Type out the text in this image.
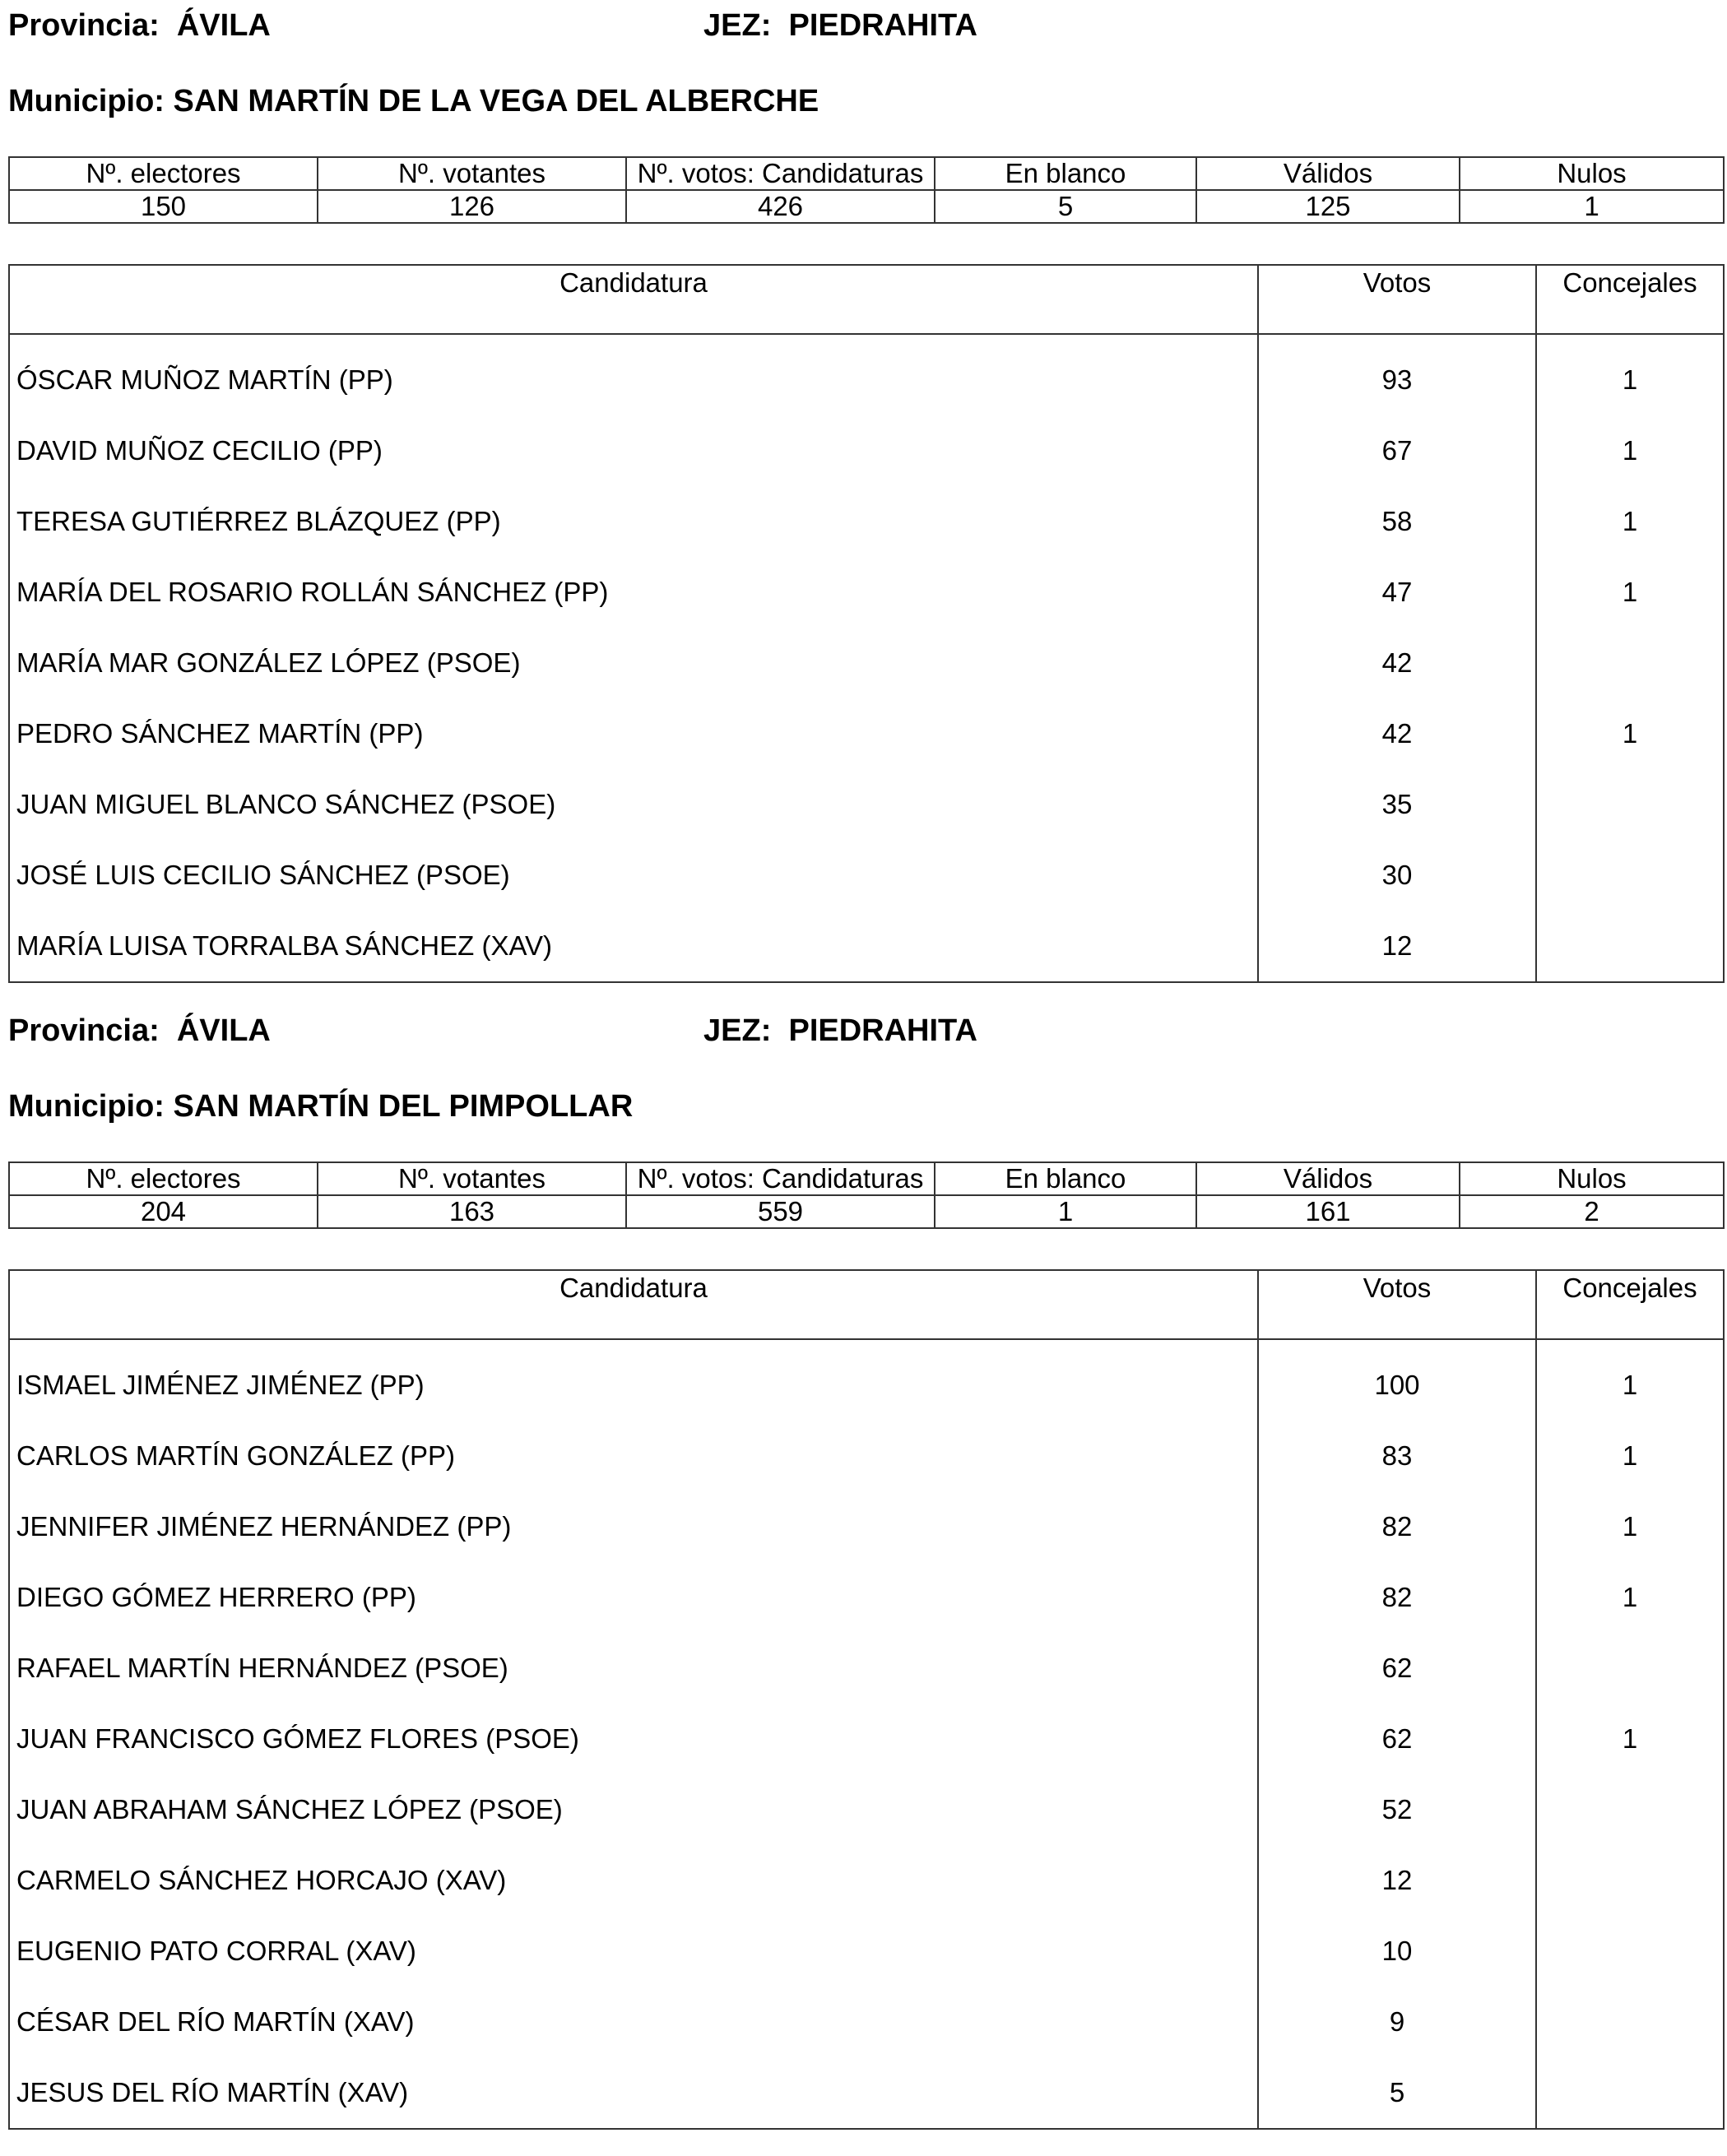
Provincia: ÁVILA	JEZ: PIEDRAHITA
Municipio: SAN MARTÍN DE LA VEGA DEL ALBERCHE
Nº. electores	Nº. votantes	Nº. votos: Candidaturas	En blanco	Válidos	Nulos
150	126	426	5	125	1
Candidatura	Votos	Concejales
ÓSCAR MUÑOZ MARTÍN (PP)	93	1
DAVID MUÑOZ CECILIO (PP)	67	1
TERESA GUTIÉRREZ BLÁZQUEZ (PP)	58	1
MARÍA DEL ROSARIO ROLLÁN SÁNCHEZ (PP)	47	1
MARÍA MAR GONZÁLEZ LÓPEZ (PSOE)	42	
PEDRO SÁNCHEZ MARTÍN (PP)	42	1
JUAN MIGUEL BLANCO SÁNCHEZ (PSOE)	35	
JOSÉ LUIS CECILIO SÁNCHEZ (PSOE)	30	
MARÍA LUISA TORRALBA SÁNCHEZ (XAV)	12	
Provincia: ÁVILA	JEZ: PIEDRAHITA
Municipio: SAN MARTÍN DEL PIMPOLLAR
Nº. electores	Nº. votantes	Nº. votos: Candidaturas	En blanco	Válidos	Nulos
204	163	559	1	161	2
Candidatura	Votos	Concejales
ISMAEL JIMÉNEZ JIMÉNEZ (PP)	100	1
CARLOS MARTÍN GONZÁLEZ (PP)	83	1
JENNIFER JIMÉNEZ HERNÁNDEZ (PP)	82	1
DIEGO GÓMEZ HERRERO (PP)	82	1
RAFAEL MARTÍN HERNÁNDEZ (PSOE)	62	
JUAN FRANCISCO GÓMEZ FLORES (PSOE)	62	1
JUAN ABRAHAM SÁNCHEZ LÓPEZ (PSOE)	52	
CARMELO SÁNCHEZ HORCAJO (XAV)	12	
EUGENIO PATO CORRAL (XAV)	10	
CÉSAR DEL RÍO MARTÍN (XAV)	9	
JESUS DEL RÍO MARTÍN (XAV)	5	
